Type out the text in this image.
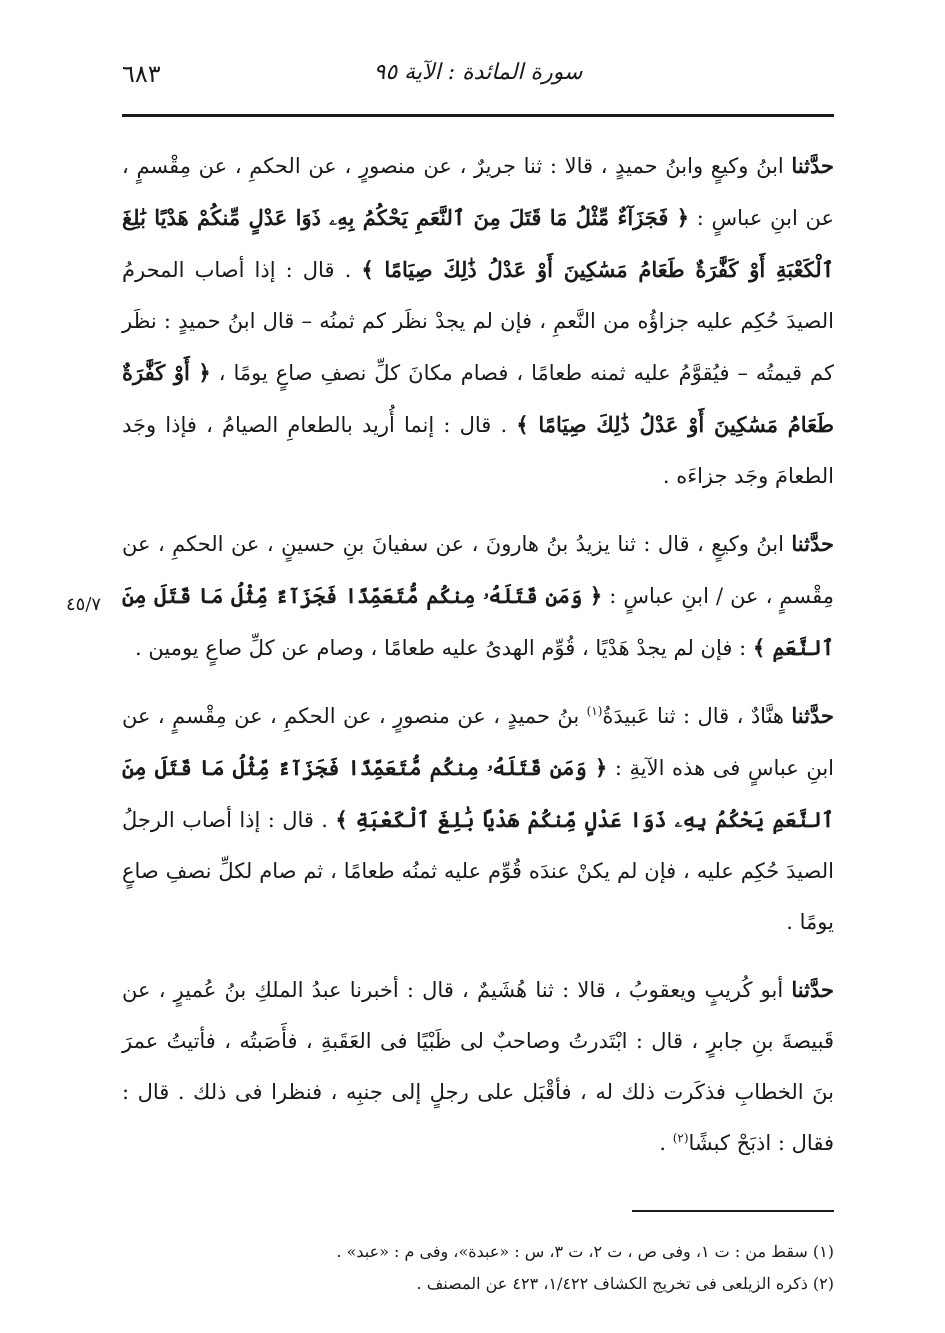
٦٨٣	سورة المائدة : الآية ٩٥
٤٥/٧

حدَّثنا ابنُ وكيعٍ وابنُ حميدٍ ، قالا : ثنا جريرٌ ، عن منصورٍ ، عن الحكمِ ، عن مِقْسمٍ ، عن ابنِ عباسٍ : ﴿ فَجَزَآءٌ مِّثْلُ مَا قَتَلَ مِنَ ٱلنَّعَمِ يَحْكُمُ بِهِۦ ذَوَا عَدْلٍ مِّنكُمْ هَدْيًا بَٰلِغَ ٱلْكَعْبَةِ أَوْ كَفَّٰرَةٌ طَعَامُ مَسَٰكِينَ أَوْ عَدْلُ ذَٰلِكَ صِيَامًا ﴾ . قال : إذا أصاب المحرمُ الصيدَ حُكِم عليه جزاؤُه من النَّعمِ ، فإن لم يجدْ نظَر كم ثمنُه – قال ابنُ حميدٍ : نظَر كم قيمتُه – فيُقوَّمُ عليه ثمنه طعامًا ، فصام مكانَ كلِّ نصفِ صاعٍ يومًا ، ﴿ أَوْ كَفَّٰرَةٌ طَعَامُ مَسَٰكِينَ أَوْ عَدْلُ ذَٰلِكَ صِيَامًا ﴾ . قال : إنما أُريد بالطعامِ الصيامُ ، فإذا وجَد الطعامَ وجَد جزاءَه .

حدَّثنا ابنُ وكيعٍ ، قال : ثنا يزيدُ بنُ هارونَ ، عن سفيانَ بنِ حسينٍ ، عن الحكمِ ، عن مِقْسمٍ ، عن / ابنِ عباسٍ : ﴿ وَمَن قَتَلَهُۥ مِنكُم مُّتَعَمِّدًا فَجَزَآءٌ مِّثْلُ مَا قَتَلَ مِنَ ٱلنَّعَمِ ﴾ : فإن لم يجدْ هَدْيًا ، قُوِّم الهدىُ عليه طعامًا ، وصام عن كلِّ صاعٍ يومين .

حدَّثنا هنَّادٌ ، قال : ثنا عَبيدَةُ$^{(١)}$ بنُ حميدٍ ، عن منصورٍ ، عن الحكمِ ، عن مِقْسمٍ ، عن ابنِ عباسٍ فى هذه الآيةِ : ﴿ وَمَن قَتَلَهُۥ مِنكُم مُّتَعَمِّدًا فَجَزَآءٌ مِّثْلُ مَا قَتَلَ مِنَ ٱلنَّعَمِ يَحْكُمُ بِهِۦ ذَوَا عَدْلٍ مِّنكُمْ هَدْيًا بَٰلِغَ ٱلْكَعْبَةِ ﴾ . قال : إذا أصاب الرجلُ الصيدَ حُكِم عليه ، فإن لم يكنْ عندَه قُوِّم عليه ثمنُه طعامًا ، ثم صام لكلِّ نصفِ صاعٍ يومًا .

حدَّثنا أبو كُريبٍ ويعقوبُ ، قالا : ثنا هُشَيمٌ ، قال : أخبرنا عبدُ الملكِ بنُ عُميرٍ ، عن قَبيصةَ بنِ جابرٍ ، قال : ابْتَدرتُ وصاحبٌ لى ظَبْيًا فى العَقَبةِ ، فأَصَبتُه ، فأتيتُ عمرَ بنَ الخطابِ فذكَرت ذلك له ، فأقْبَل على رجلٍ إلى جنبِه ، فنظرا فى ذلك . قال : فقال : اذبَحْ كبشًا$^{(٢)}$ .

(١) سقط من : ت ١، وفى ص ، ت ٢، ت ٣، س : «عبدة»، وفى م : «عبد» .
(٢) ذكره الزيلعى فى تخريج الكشاف ١/٤٢٢، ٤٢٣ عن المصنف .
